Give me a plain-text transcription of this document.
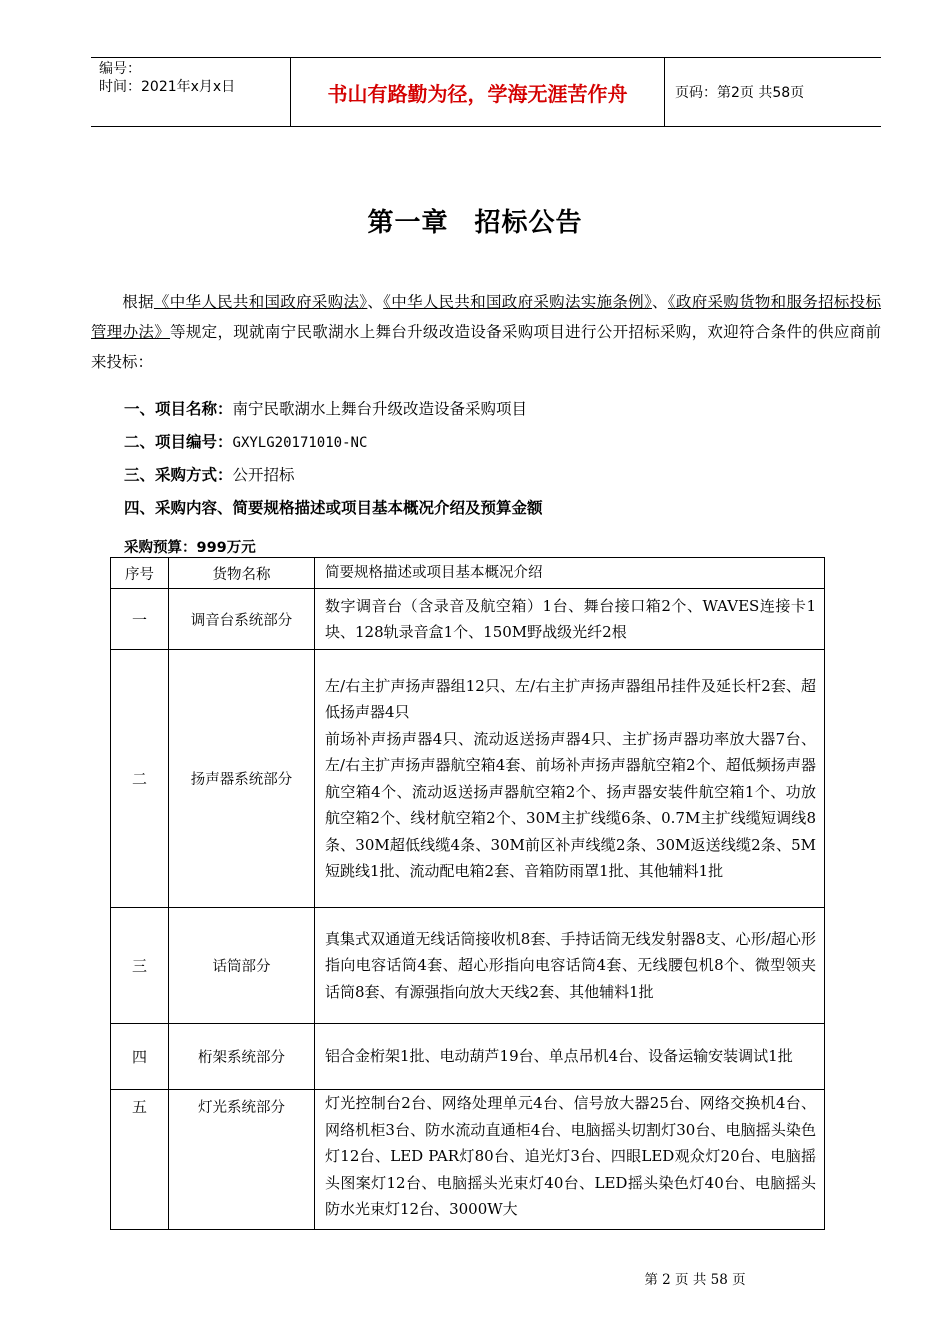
编号：
时间：2021年x月x日	书山有路勤为径，学海无涯苦作舟	页码：第2页 共58页
第一章 招标公告
根据《中华人民共和国政府采购法》、《中华人民共和国政府采购法实施条例》、《政府采购货物和服务招标投标管理办法》等规定，现就南宁民歌湖水上舞台升级改造设备采购项目进行公开招标采购，欢迎符合条件的供应商前来投标：
一、项目名称：南宁民歌湖水上舞台升级改造设备采购项目
二、项目编号：GXYLG20171010-NC
三、采购方式：公开招标
四、采购内容、简要规格描述或项目基本概况介绍及预算金额
采购预算：999万元
序号	货物名称	简要规格描述或项目基本概况介绍
一	调音台系统部分	数字调音台（含录音及航空箱）1台、舞台接口箱2个、WAVES连接卡1块、128轨录音盒1个、150M野战级光纤2根
二	扬声器系统部分	左/右主扩声扬声器组12只、左/右主扩声扬声器组吊挂件及延长杆2套、超低扬声器4只
前场补声扬声器4只、流动返送扬声器4只、主扩扬声器功率放大器7台、左/右主扩声扬声器航空箱4套、前场补声扬声器航空箱2个、超低频扬声器航空箱4个、流动返送扬声器航空箱2个、扬声器安装件航空箱1个、功放航空箱2个、线材航空箱2个、30M主扩线缆6条、0.7M主扩线缆短调线8条、30M超低线缆4条、30M前区补声线缆2条、30M返送线缆2条、5M短跳线1批、流动配电箱2套、音箱防雨罩1批、其他辅料1批
三	话筒部分	真集式双通道无线话筒接收机8套、手持话筒无线发射器8支、心形/超心形指向电容话筒4套、超心形指向电容话筒4套、无线腰包机8个、微型领夹话筒8套、有源强指向放大天线2套、其他辅料1批
四	桁架系统部分	铝合金桁架1批、电动葫芦19台、单点吊机4台、设备运输安装调试1批
五	灯光系统部分	灯光控制台2台、网络处理单元4台、信号放大器25台、网络交换机4台、网络机柜3台、防水流动直通柜4台、电脑摇头切割灯30台、电脑摇头染色灯12台、LED PAR灯80台、追光灯3台、四眼LED观众灯20台、电脑摇头图案灯12台、电脑摇头光束灯40台、LED摇头染色灯40台、电脑摇头防水光束灯12台、3000W大
第 2 页 共 58 页
